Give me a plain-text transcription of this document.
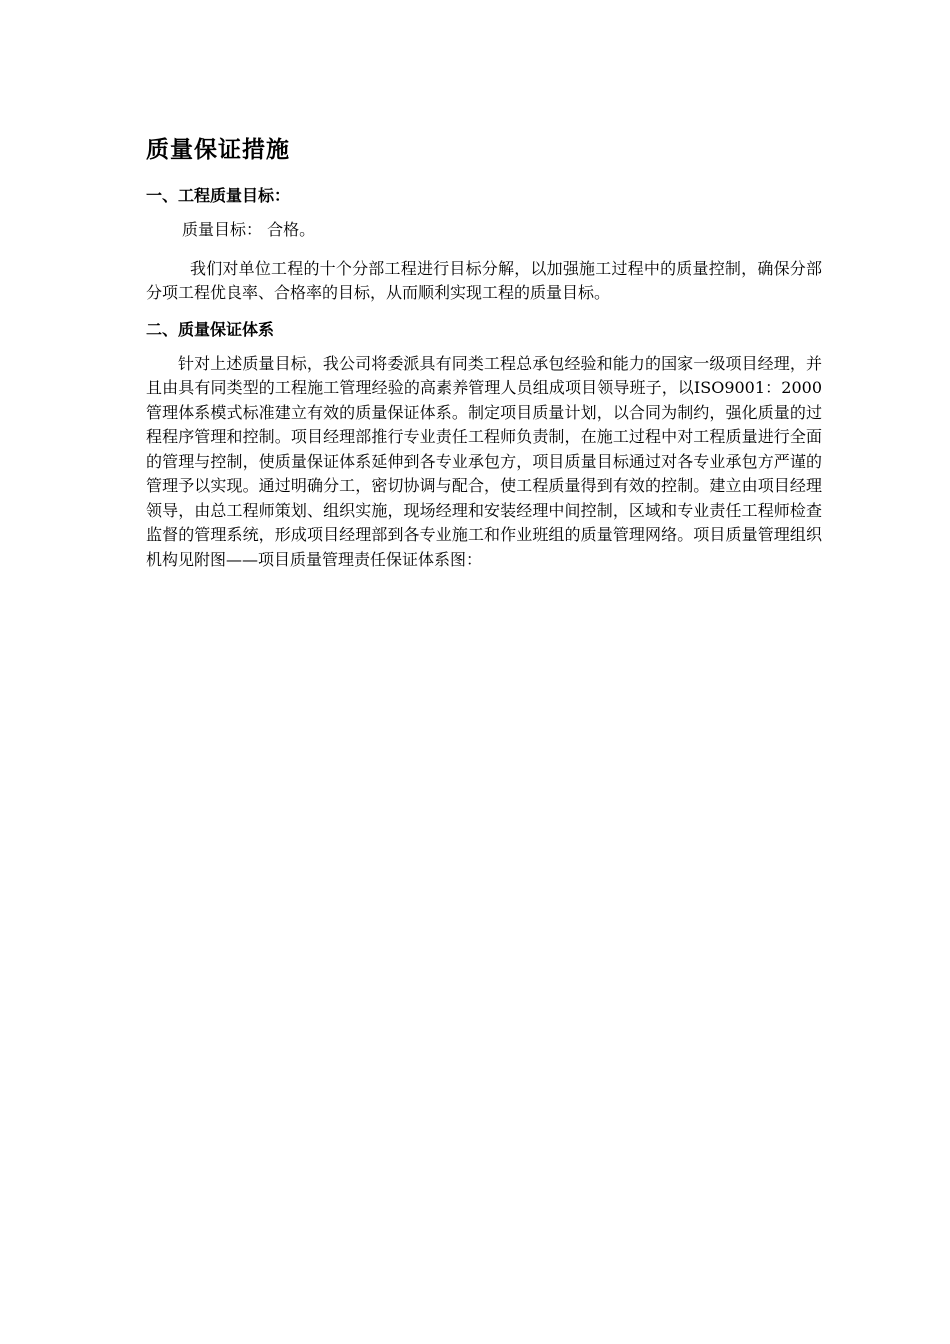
质量保证措施
一、工程质量目标：

质量目标： 合格。

我们对单位工程的十个分部工程进行目标分解，以加强施工过程中的质量控制，确保分部分项工程优良率、合格率的目标，从而顺利实现工程的质量目标。

二、质量保证体系

针对上述质量目标，我公司将委派具有同类工程总承包经验和能力的国家一级项目经理，并且由具有同类型的工程施工管理经验的高素养管理人员组成项目领导班子，以ISO9001：2000管理体系模式标准建立有效的质量保证体系。制定项目质量计划，以合同为制约，强化质量的过程程序管理和控制。项目经理部推行专业责任工程师负责制，在施工过程中对工程质量进行全面的管理与控制，使质量保证体系延伸到各专业承包方，项目质量目标通过对各专业承包方严谨的管理予以实现。通过明确分工，密切协调与配合，使工程质量得到有效的控制。建立由项目经理领导，由总工程师策划、组织实施，现场经理和安装经理中间控制，区域和专业责任工程师检查监督的管理系统，形成项目经理部到各专业施工和作业班组的质量管理网络。项目质量管理组织机构见附图——项目质量管理责任保证体系图：
